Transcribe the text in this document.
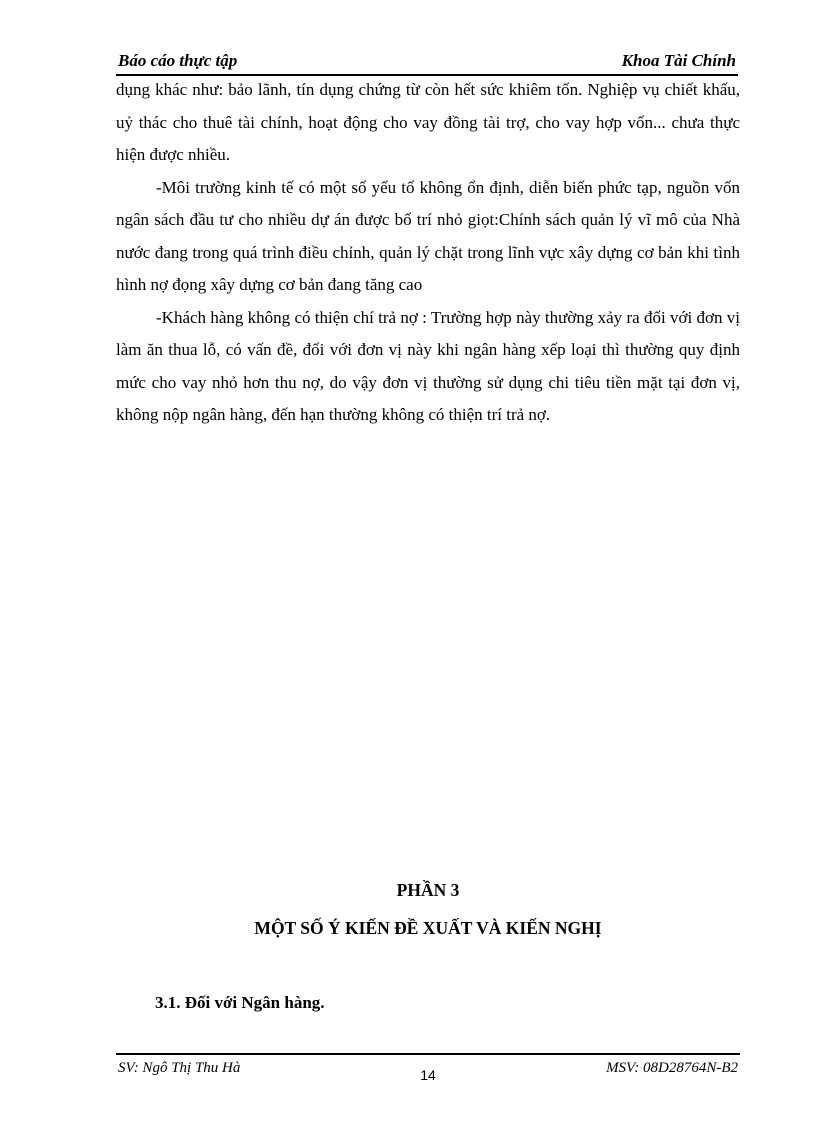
Báo cáo thực tập	Khoa Tài Chính

dụng khác như: bảo lãnh, tín dụng chứng từ còn hết sức khiêm tốn. Nghiệp vụ chiết khấu, uỷ thác cho thuê tài chính, hoạt động cho vay đồng tài trợ, cho vay hợp vốn... chưa thực hiện được nhiều.

-Môi trường kinh tế có một số yếu tố không ổn định, diễn biến phức tạp, nguồn vốn ngân sách đầu tư cho nhiều dự án được bố trí nhỏ giọt:Chính sách quản lý vĩ mô của Nhà nước đang trong quá trình điều chỉnh, quản lý chặt trong lĩnh vực xây dựng cơ bản khi tình hình nợ đọng xây dựng cơ bản đang tăng cao

-Khách hàng không có thiện chí trả nợ : Trường hợp này thường xảy ra đối với đơn vị làm ăn thua lỗ, có vấn đề, đối với đơn vị này khi ngân hàng xếp loại thì thường quy định mức cho vay nhỏ hơn thu nợ, do vậy đơn vị thường sử dụng chi tiêu tiền mặt tại đơn vị, không nộp ngân hàng, đến hạn thường không có thiện trí trả nợ.

PHẦN 3
MỘT SỐ Ý KIẾN ĐỀ XUẤT VÀ KIẾN NGHỊ
3.1. Đối với Ngân hàng.
SV: Ngô Thị Thu Hà	14	MSV: 08D28764N-B2
